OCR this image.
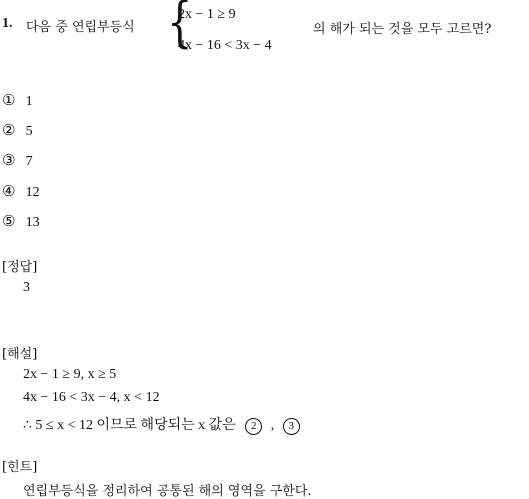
1. 다음 중 연립부등식 {
2x − 1 ≥ 9
4x − 16 < 3x − 4
의 해가 되는 것을 모두 고르면?
① 1
② 5
③ 7
④ 12
⑤ 13
[정답]
3
[해설]
2x − 1 ≥ 9, x ≥ 5
4x − 16 < 3x − 4, x < 12
∴ 5 ≤ x < 12 이므로 해당되는 x 값은 2 , 3
[힌트]
연립부등식을 정리하여 공통된 해의 영역을 구한다.
